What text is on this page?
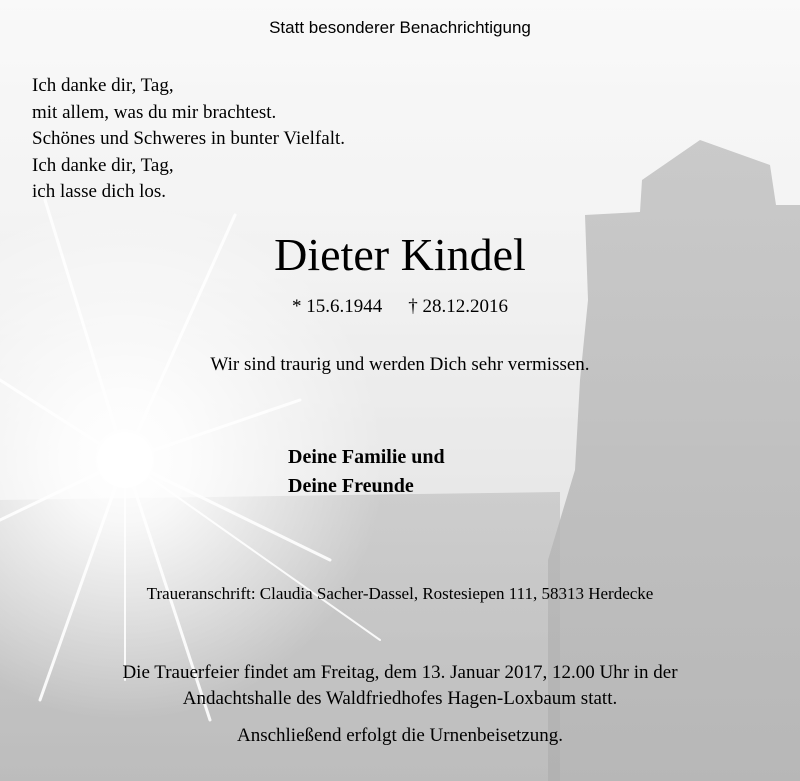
Statt besonderer Benachrichtigung
Ich danke dir, Tag,
mit allem, was du mir brachtest.
Schönes und Schweres in bunter Vielfalt.
Ich danke dir, Tag,
ich lasse dich los.
Dieter Kindel
* 15.6.1944 † 28.12.2016
Wir sind traurig und werden Dich sehr vermissen.
Deine Familie und
Deine Freunde
Traueranschrift: Claudia Sacher-Dassel, Rostesiepen 111, 58313 Herdecke
Die Trauerfeier findet am Freitag, dem 13. Januar 2017, 12.00 Uhr in der
Andachtshalle des Waldfriedhofes Hagen-Loxbaum statt.
Anschließend erfolgt die Urnenbeisetzung.
